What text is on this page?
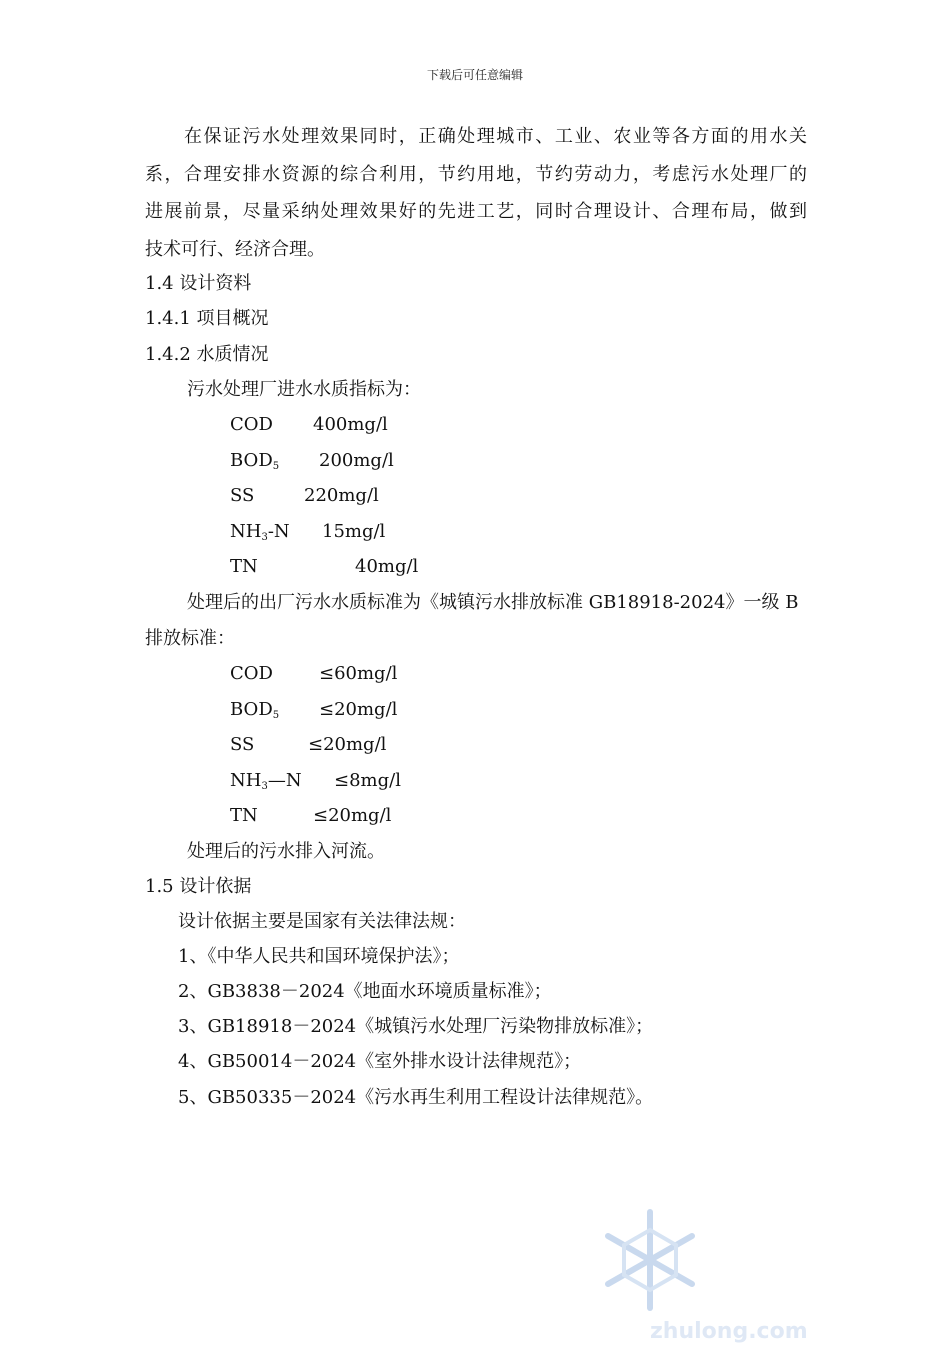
下载后可任意编辑

　　在保证污水处理效果同时，正确处理城市、工业、农业等各方面的用水关

系，合理安排水资源的综合利用，节约用地，节约劳动力，考虑污水处理厂的

进展前景，尽量采纳处理效果好的先进工艺，同时合理设计、合理布局，做到

技术可行、经济合理。

1.4 设计资料
1.4.1 项目概况
1.4.2 水质情况
污水处理厂进水水质指标为：
COD 400mg/l
$BOD_5$ 200mg/l
SS	220mg/l
$NH_3-N$ 15mg/l
TN	40mg/l
处理后的出厂污水水质标准为《城镇污水排放标准 GB18918-2024》一级 B
排放标准：
COD	≤60mg/l
$BOD_5 \le 20mg/l$
SS	≤20mg/l
$NH_3—N \le 8mg/l$
TN	≤20mg/l
处理后的污水排入河流。
1.5 设计依据
设计依据主要是国家有关法律法规：
1、《中华人民共和国环境保护法》；
2、GB3838－2024《地面水环境质量标准》；
3、GB18918－2024《城镇污水处理厂污染物排放标准》；
4、GB50014－2024《室外排水设计法律规范》；
5、GB50335－2024《污水再生利用工程设计法律规范》。
zhulong.com
